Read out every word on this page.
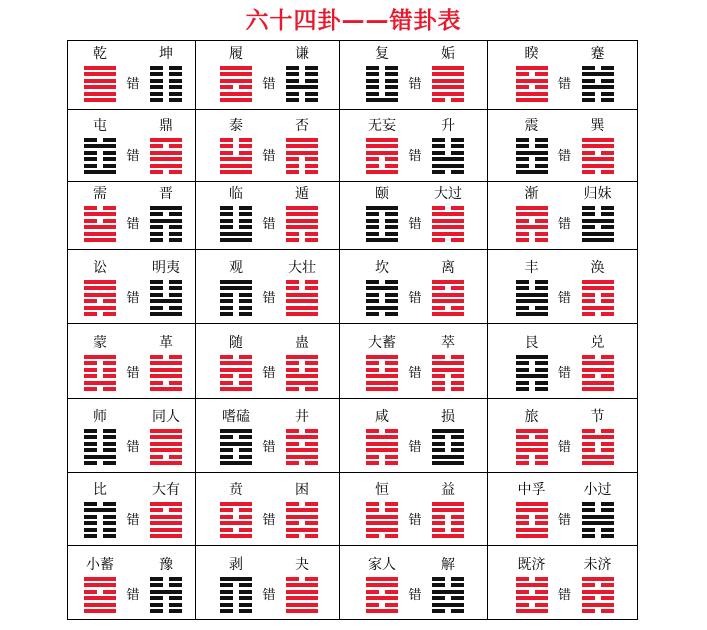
六十四卦——错卦表
乾	坤
错
履	谦
错
复	姤
错
睽	蹇
错
屯	鼎
错
泰	否
错
无妄	升
错
震	巽
错
需	晋
错
临	遁
错
颐	大过
错
渐	归妹
错
讼	明夷
错
观	大壮
错
坎	离
错
丰	涣
错
蒙	革
错
随	蛊
错
大蓄	萃
错
艮	兑
错
师	同人
错
嗜磕	井
错
咸	损
错
旅	节
错
比	大有
错
贲	困
错
恒	益
错
中孚	小过
错
小蓄	豫
错
剥	夬
错
家人	解
错
既济	未济
错
